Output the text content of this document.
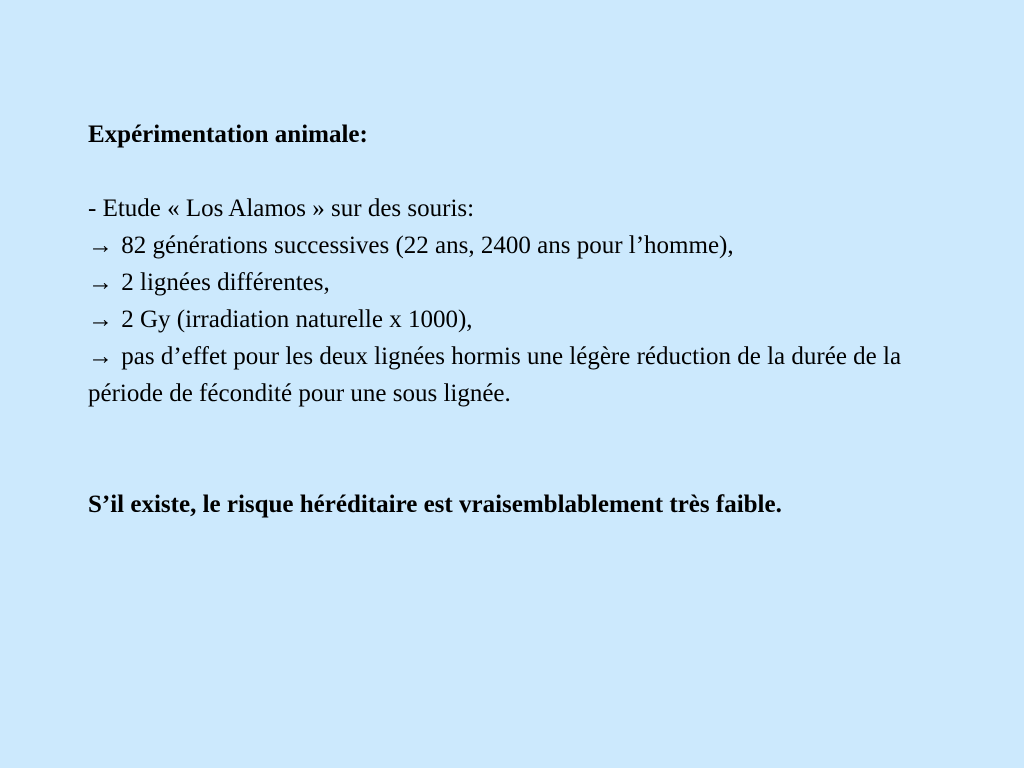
Expérimentation animale:

- Etude « Los Alamos » sur des souris:

→ 82 générations successives (22 ans, 2400 ans pour l’homme),

→ 2 lignées différentes,

→ 2 Gy (irradiation naturelle x 1000),

→ pas d’effet pour les deux lignées hormis une légère réduction de la durée de la période de fécondité pour une sous lignée.

S’il existe, le risque héréditaire est vraisemblablement très faible.
